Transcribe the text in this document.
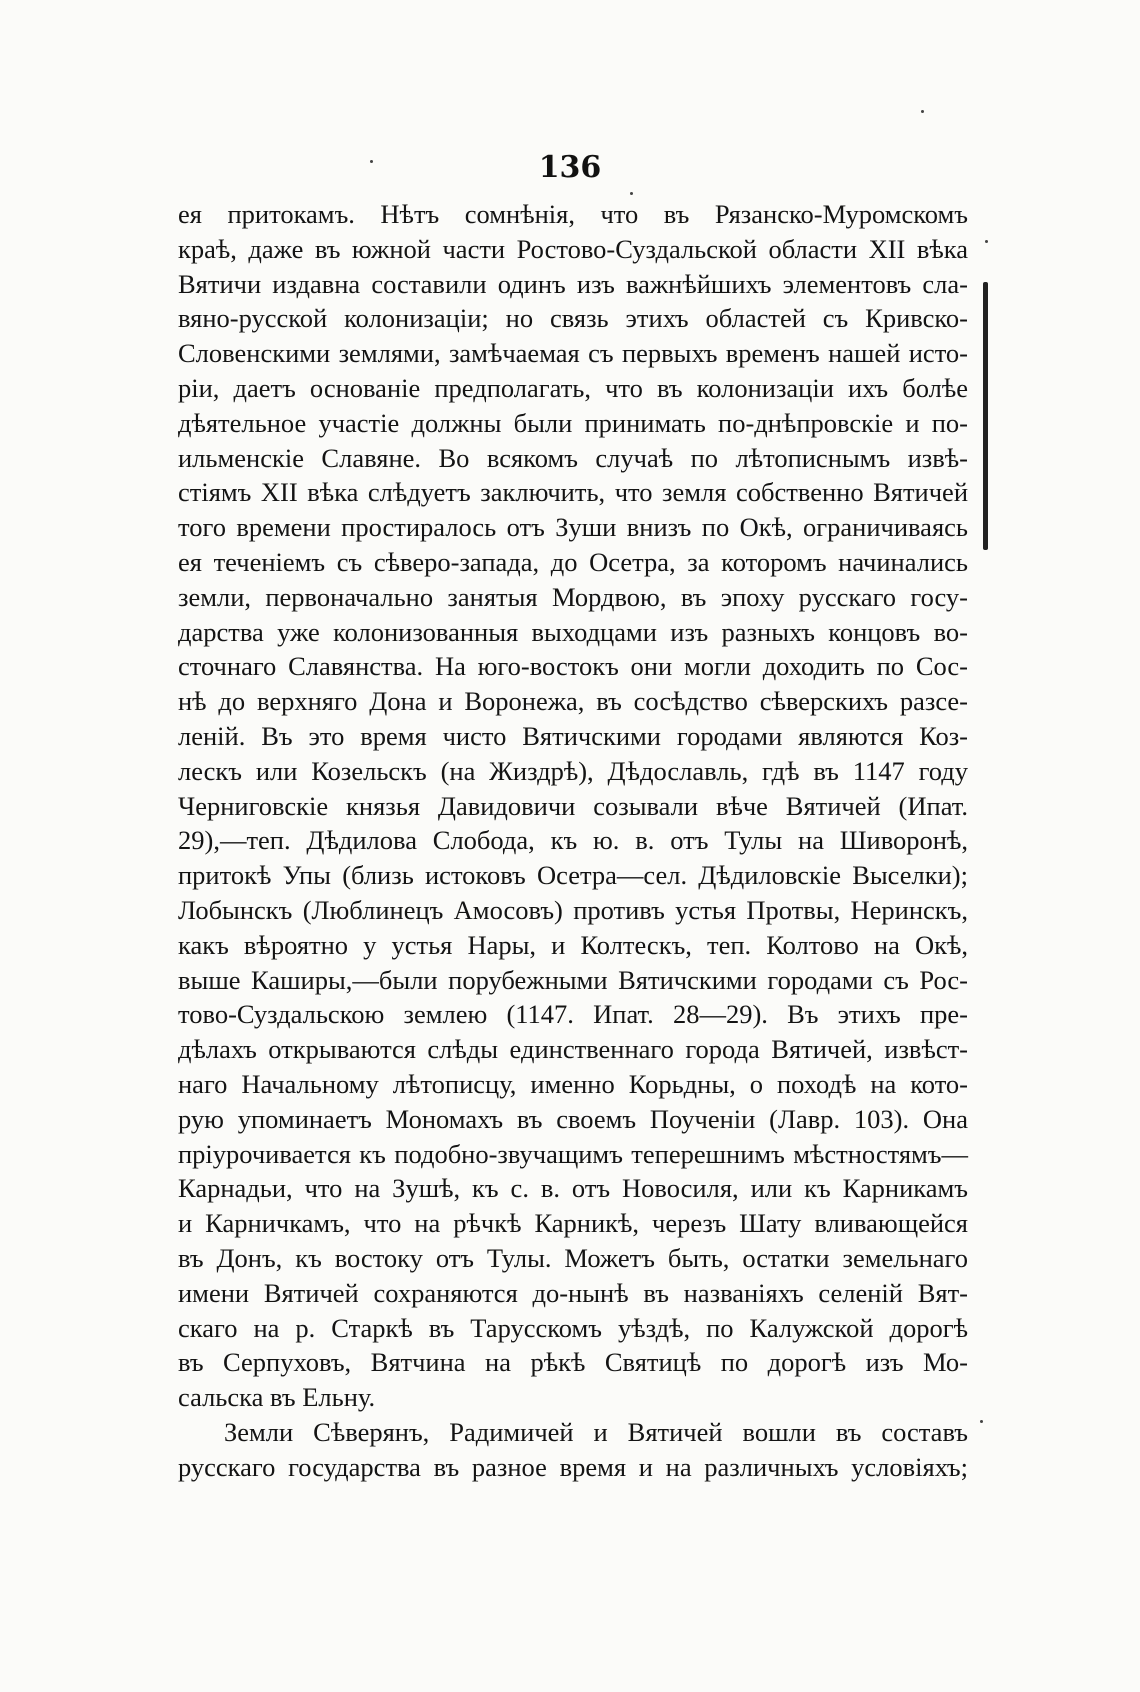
136
ея притокамъ. Нѣтъ сомнѣнія, что въ Рязанско-Муромскомъ
краѣ, даже въ южной части Ростово-Суздальской области XII вѣка
Вятичи издавна составили одинъ изъ важнѣйшихъ элементовъ сла-
вяно-русской колонизаціи; но связь этихъ областей съ Кривско-
Словенскими землями, замѣчаемая съ первыхъ временъ нашей исто-
ріи, даетъ основаніе предполагать, что въ колонизаціи ихъ болѣе
дѣятельное участіе должны были принимать по-днѣпровскіе и по-
ильменскіе Славяне. Во всякомъ случаѣ по лѣтописнымъ извѣ-
стіямъ XII вѣка слѣдуетъ заключить, что земля собственно Вятичей
того времени простиралось отъ Зуши внизъ по Окѣ, ограничиваясь
ея теченіемъ съ сѣверо-запада, до Осетра, за которомъ начинались
земли, первоначально занятыя Мордвою, въ эпоху русскаго госу-
дарства уже колонизованныя выходцами изъ разныхъ концовъ во-
сточнаго Славянства. На юго-востокъ они могли доходить по Сос-
нѣ до верхняго Дона и Воронежа, въ сосѣдство сѣверскихъ разсе-
леній. Въ это время чисто Вятичскими городами являются Коз-
лескъ или Козельскъ (на Жиздрѣ), Дѣдославль, гдѣ въ 1147 году
Черниговскіе князья Давидовичи созывали вѣче Вятичей (Ипат.
29),—теп. Дѣдилова Слобода, къ ю. в. отъ Тулы на Шиворонѣ,
притокѣ Упы (близь истоковъ Осетра—сел. Дѣдиловскіе Выселки);
Лобынскъ (Люблинецъ Амосовъ) противъ устья Протвы, Неринскъ,
какъ вѣроятно у устья Нары, и Колтескъ, теп. Колтово на Окѣ,
выше Каширы,—были порубежными Вятичскими городами съ Рос-
тово-Суздальскою землею (1147. Ипат. 28—29). Въ этихъ пре-
дѣлахъ открываются слѣды единственнаго города Вятичей, извѣст-
наго Начальному лѣтописцу, именно Корьдны, о походѣ на кото-
рую упоминаетъ Мономахъ въ своемъ Поученіи (Лавр. 103). Она
пріурочивается къ подобно-звучащимъ теперешнимъ мѣстностямъ—
Карнадьи, что на Зушѣ, къ с. в. отъ Новосиля, или къ Карникамъ
и Карничкамъ, что на рѣчкѣ Карникѣ, черезъ Шату вливающейся
въ Донъ, къ востоку отъ Тулы. Можетъ быть, остатки земельнаго
имени Вятичей сохраняются до-нынѣ въ названіяхъ селеній Вят-
скаго на р. Старкѣ въ Тарусскомъ уѣздѣ, по Калужской дорогѣ
въ Серпуховъ, Вятчина на рѣкѣ Святицѣ по дорогѣ изъ Мо-
сальска въ Ельну.
Земли Сѣверянъ, Радимичей и Вятичей вошли въ составъ
русскаго государства въ разное время и на различныхъ условіяхъ;
